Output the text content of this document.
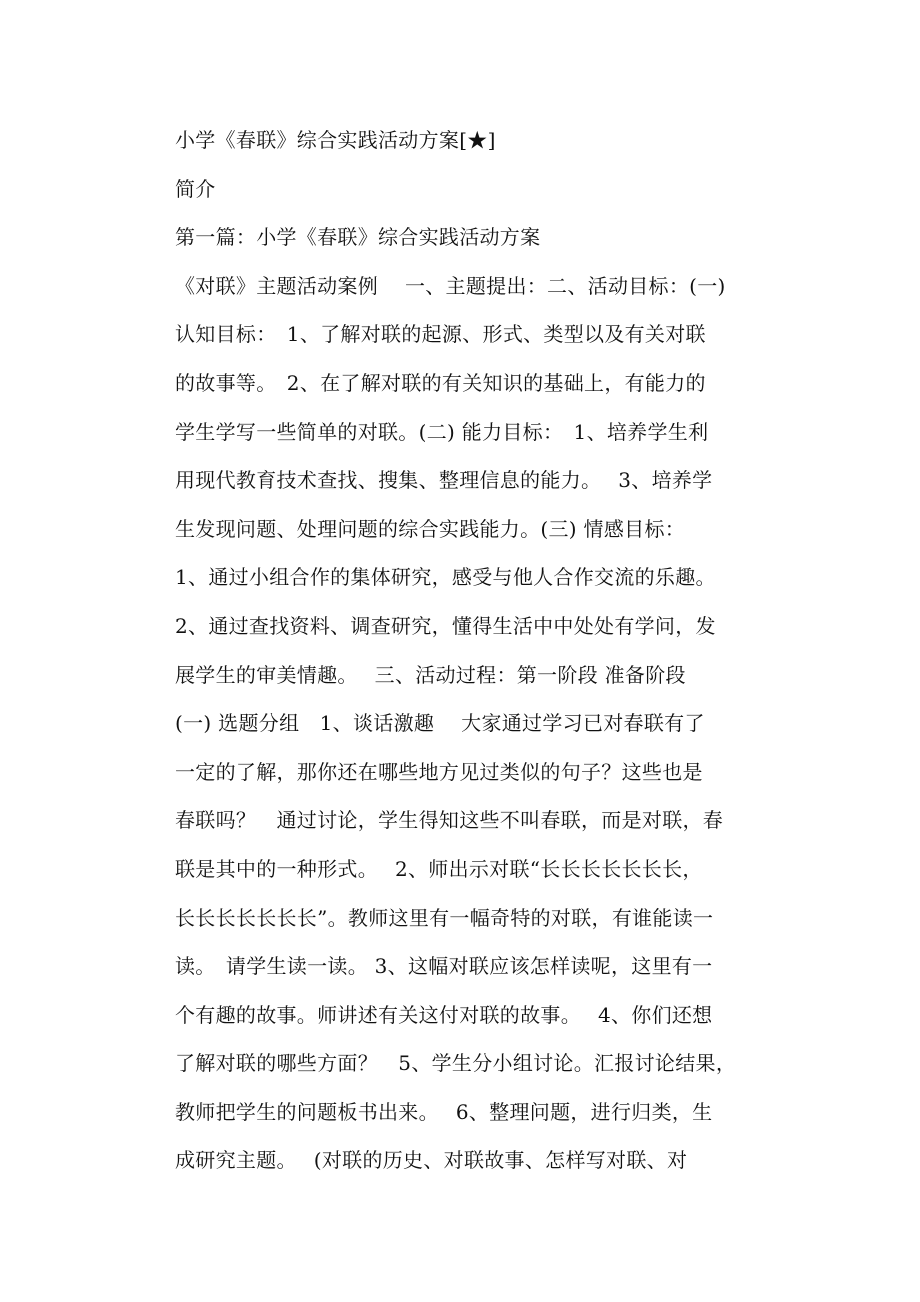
小学《春联》综合实践活动方案[★]
简介
第一篇：小学《春联》综合实践活动方案
《对联》主题活动案例　 一、主题提出：二、活动目标：(一)
认知目标：　1、了解对联的起源、形式、类型以及有关对联
的故事等。　2、在了解对联的有关知识的基础上，有能力的
学生学写一些简单的对联。(二) 能力目标：　1、培养学生利
用现代教育技术查找、搜集、整理信息的能力。　 3、培养学
生发现问题、处理问题的综合实践能力。(三) 情感目标：
1、通过小组合作的集体研究，感受与他人合作交流的乐趣。
2、通过查找资料、调查研究，懂得生活中中处处有学问，发
展学生的审美情趣。　 三、活动过程：第一阶段 准备阶段
(一) 选题分组　1、谈话激趣　 大家通过学习已对春联有了
一定的了解，那你还在哪些地方见过类似的句子？这些也是
春联吗？　通过讨论，学生得知这些不叫春联，而是对联，春
联是其中的一种形式。　 2、师出示对联“长长长长长长长，
长长长长长长长”。教师这里有一幅奇特的对联，有谁能读一
读。　请学生读一读。 3、这幅对联应该怎样读呢，这里有一
个有趣的故事。师讲述有关这付对联的故事。　 4、你们还想
了解对联的哪些方面？　5、学生分小组讨论。汇报讨论结果，
教师把学生的问题板书出来。　 6、整理问题，进行归类，生
成研究主题。　 (对联的历史、对联故事、怎样写对联、对
